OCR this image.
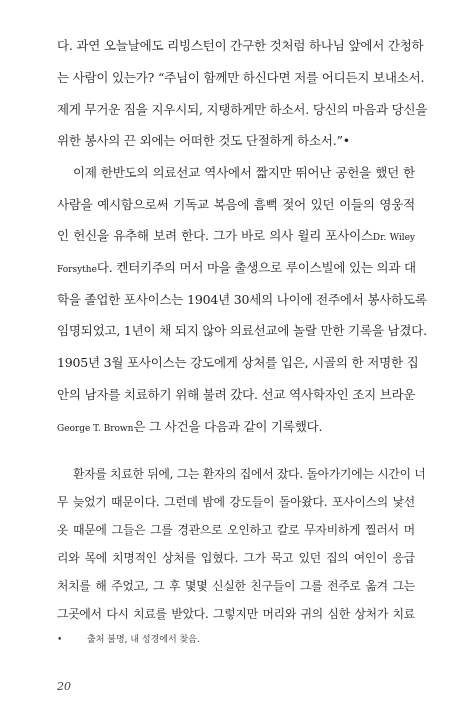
다. 과연 오늘날에도 리빙스턴이 간구한 것처럼 하나님 앞에서 간청하
는 사람이 있는가? “주님이 함께만 하신다면 저를 어디든지 보내소서.
제게 무거운 짐을 지우시되, 지탱하게만 하소서. 당신의 마음과 당신을
위한 봉사의 끈 외에는 어떠한 것도 단절하게 하소서.”•
이제 한반도의 의료선교 역사에서 짧지만 뛰어난 공헌을 했던 한
사람을 예시함으로써 기독교 복음에 흠뻑 젖어 있던 이들의 영웅적
인 헌신을 유추해 보려 한다. 그가 바로 의사 윌리 포사이스Dr. Wiley
Forsythe다. 켄터키주의 머서 마을 출생으로 루이스빌에 있는 의과 대
학을 졸업한 포사이스는 1904년 30세의 나이에 전주에서 봉사하도록
임명되었고, 1년이 채 되지 않아 의료선교에 놀랄 만한 기록을 남겼다.
1905년 3월 포사이스는 강도에게 상처를 입은, 시골의 한 저명한 집
안의 남자를 치료하기 위해 불려 갔다. 선교 역사학자인 조지 브라운
George T. Brown은 그 사건을 다음과 같이 기록했다.
환자를 치료한 뒤에, 그는 환자의 집에서 잤다. 돌아가기에는 시간이 너
무 늦었기 때문이다. 그런데 밤에 강도들이 돌아왔다. 포사이스의 낯선
옷 때문에 그들은 그를 경관으로 오인하고 칼로 무자비하게 찔러서 머
리와 목에 치명적인 상처를 입혔다. 그가 묵고 있던 집의 여인이 응급
처치를 해 주었고, 그 후 몇몇 신실한 친구들이 그를 전주로 옮겨 그는
그곳에서 다시 치료를 받았다. 그렇지만 머리와 귀의 심한 상처가 치료
•	출처 불명, 내 성경에서 찾음.
20
